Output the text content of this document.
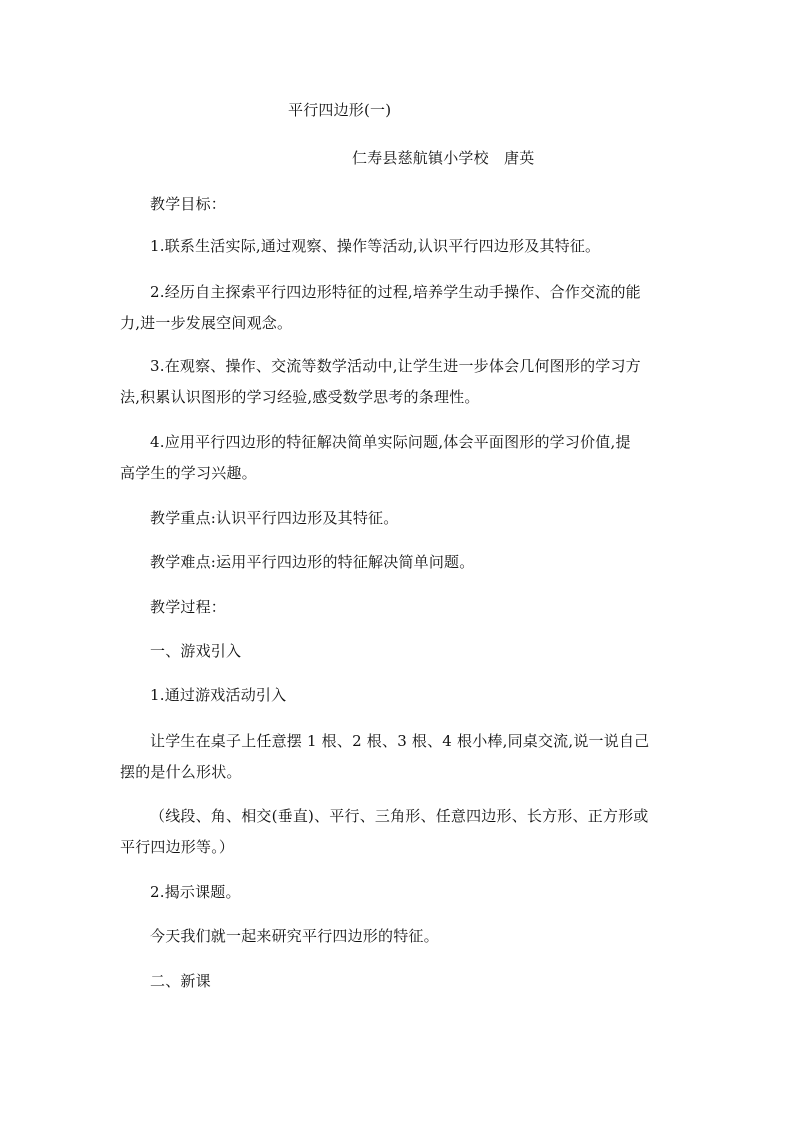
平行四边形(一)
仁寿县慈航镇小学校　唐英
教学目标：
1.联系生活实际,通过观察、操作等活动,认识平行四边形及其特征。
2.经历自主探索平行四边形特征的过程,培养学生动手操作、合作交流的能
力,进一步发展空间观念。
3.在观察、操作、交流等数学活动中,让学生进一步体会几何图形的学习方
法,积累认识图形的学习经验,感受数学思考的条理性。
4.应用平行四边形的特征解决简单实际问题,体会平面图形的学习价值,提
高学生的学习兴趣。
教学重点:认识平行四边形及其特征。
教学难点:运用平行四边形的特征解决简单问题。
教学过程：
一、游戏引入
1.通过游戏活动引入
让学生在桌子上任意摆 1 根、2 根、3 根、4 根小棒,同桌交流,说一说自己
摆的是什么形状。
（线段、角、相交(垂直)、平行、三角形、任意四边形、长方形、正方形或
平行四边形等。）
2.揭示课题。
今天我们就一起来研究平行四边形的特征。
二、新课
